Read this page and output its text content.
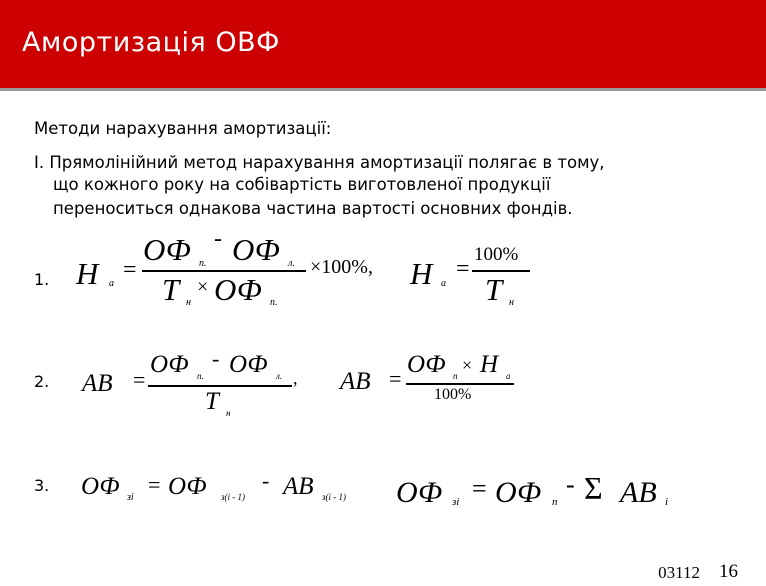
Амортизація ОВФ
Методи нарахування амортизації:
І. Прямолінійний метод нарахування амортизації полягає в тому,
що кожного року на собівартість виготовленої продукції
переноситься однакова частина вартості основних фондів.
1.
2.
3.
Н а
=
ОФ п.
- ОФ л.
Т н
× ОФ п.
×100%, Н а
=
100%
Т н
АВ =
ОФ п.
- ОФ л.
Т н
, АВ =
ОФ п
× Н а
100%
ОФ зі
= ОФ з(і - 1)
- АВ з(і - 1) ОФ зі = ОФ п
- Σ АВ і
03112 16
